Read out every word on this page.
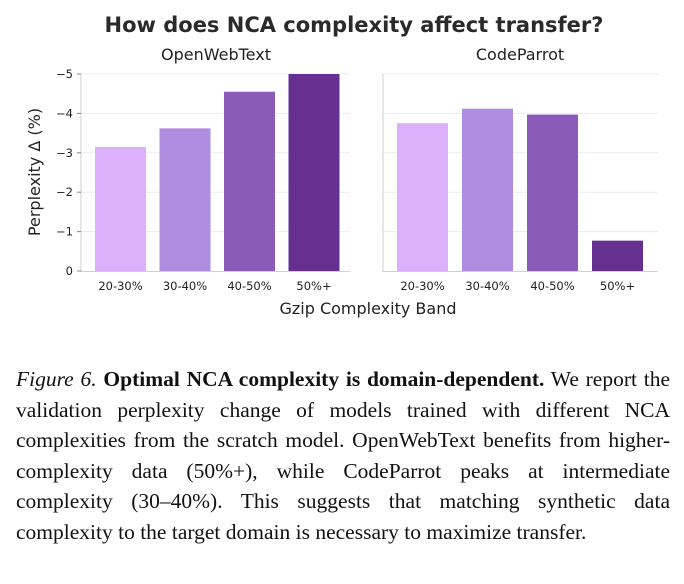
How does NCA complexity affect transfer?
0
−1
−2
−3
−4
−5
20-30% 30-40% 40-50% 50%+
OpenWebText
20-30% 30-40% 40-50% 50%+
CodeParrot
Gzip Complexity Band
Perplexity Δ (%)
Figure 6. Optimal NCA complexity is domain-dependent. We report the validation perplexity change of models trained with different NCA complexities from the scratch model. OpenWebText benefits from higher-complexity data (50%+), while CodeParrot peaks at intermediate complexity (30–40%). This suggests that matching synthetic data complexity to the target domain is necessary to maximize transfer.
